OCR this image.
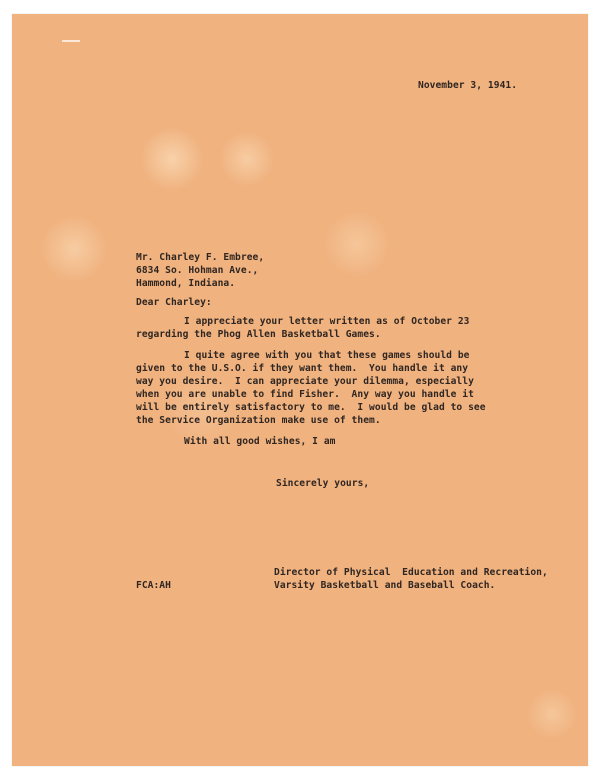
November 3, 1941.
Mr. Charley F. Embree,
6834 So. Hohman Ave.,
Hammond, Indiana.
Dear Charley:
I appreciate your letter written as of October 23
regarding the Phog Allen Basketball Games.
I quite agree with you that these games should be
given to the U.S.O. if they want them.  You handle it any
way you desire.  I can appreciate your dilemma, especially
when you are unable to find Fisher.  Any way you handle it
will be entirely satisfactory to me.  I would be glad to see
the Service Organization make use of them.
With all good wishes, I am
Sincerely yours,
Director of Physical  Education and Recreation,
Varsity Basketball and Baseball Coach.
FCA:AH
